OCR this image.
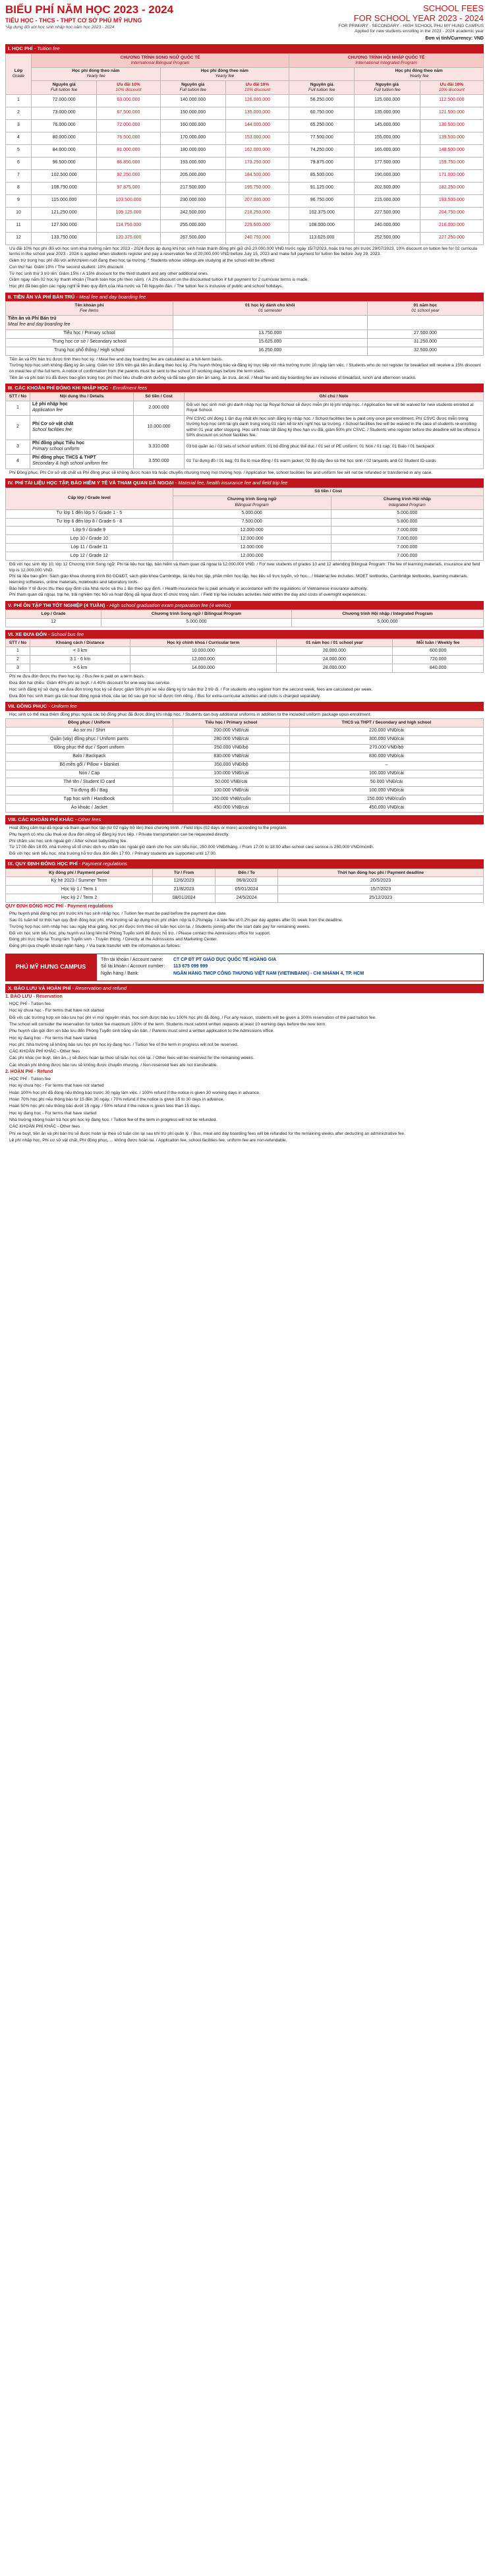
BIỂU PHÍ NĂM HỌC 2023 - 2024
TIỂU HỌC - THCS - THPT CƠ SỞ PHÚ MỸ HƯNG
*Áp dụng đối với học sinh nhập học năm học 2023 - 2024
SCHOOL FEES
FOR SCHOOL YEAR 2023 - 2024
FOR PRIMARY - SECONDARY - HIGH SCHOOL PHU MY HUNG CAMPUS
Applied for new students enrolling in the 2023 - 2024 academic year
Đơn vị tính/Currency: VND
I. HỌC PHÍ - Tuition fee
Lớp
Grade	CHƯƠNG TRÌNH SONG NGỮ QUỐC TẾ
International Bilingual Program				CHƯƠNG TRÌNH HỘI NHẬP QUỐC TẾ
International Integrated Program		
	Học phí đóng theo năm
Yearly fee		Học phí đóng theo năm
Yearly fee			Học phí đóng theo năm
Yearly fee	
	Nguyên giá
Full tuition fee	Ưu đãi 10%
10% discount	Nguyên giá
Full tuition fee	Ưu đãi 10%
10% discount	Nguyên giá
Full tuition fee	Nguyên giá
Full tuition fee	Ưu đãi 10%
10% discount
1	72.000.000	63.000.000	140.000.000	126.000.000	56.250.000	125.000.000	112.500.000
2	73.000.000	67.500.000	150.000.000	135.000.000	60.750.000	135.000.000	121.500.000
3	76.000.000	72.000.000	160.000.000	144.000.000	65.250.000	145.000.000	130.500.000
4	80.000.000	76.500.000	170.000.000	153.000.000	77.500.000	155.000.000	139.500.000
5	84.000.000	81.000.000	180.000.000	162.000.000	74.250.000	165.000.000	148.500.000
6	96.500.000	86.850.000	193.000.000	173.250.000	79.875.000	177.500.000	159.750.000
7	102.500.000	92.250.000	205.000.000	184.500.000	85.500.000	190.000.000	171.000.000
8	108.750.000	97.875.000	217.500.000	195.750.000	91.125.000	202.500.000	182.250.000
9	115.000.000	103.500.000	230.000.000	207.000.000	96.750.000	215.000.000	193.500.000
10	121.250.000	109.125.000	242.500.000	218.250.000	102.375.000	227.500.000	204.750.000
11	127.500.000	114.750.000	255.000.000	229.500.000	108.000.000	240.000.000	216.000.000
12	133.750.000	120.375.000	267.500.000	240.750.000	113.625.000	252.500.000	227.250.000

Ưu đãi 10% học phí đối với học sinh khai trường năm học 2023 - 2024 được áp dụng khi học sinh hoàn thành đóng phí giữ chỗ 20.000.000 VNĐ trước ngày 15/7/2023, hoặc trả học phí trước 29/07/2023. 10% discount on tuition fee for 02 curricula terms in the school year 2023 - 2024 is applied when students register and pay a reservation fee of 20,000,000 VND before July 15, 2023 and make full payment for tuition fee before July 29, 2023.

Giảm trừ trong học phí đối với anh/chị/em ruột đang theo học tại trường. * Students whose siblings are studying at the school will be offered:

Con thứ hai: Giảm 10% / The second student: 10% discount

Từ học sinh thứ 3 trở lên: Giảm 15% / A 15% discount for the third student and any other additional ones.

Giảm ngay năm 02 học kỳ thanh khoản (Thanh toán học phí theo năm). / A 2% discount on the discounted tuition if full payment for 2 curricular terms is made.

Học phí đã bao gồm các ngày nghỉ lễ theo quy định của nhà nước và Tết Nguyên đán. / The tuition fee is inclusive of public and school holidays.

II. TIỀN ĂN VÀ PHÍ BÁN TRÚ - Meal fee and day boarding fee
Tên khoản phí
Fee items	01 học kỳ dành cho khối
01 semester	01 năm học
01 school year
Tiền ăn và Phí Bán trú
Meal fee and day boarding fee		
Tiểu học / Primary school	13.750.000	27.500.000
Trung học cơ sở / Secondary school	15.625.000	31.250.000
Trung học phổ thông / High school	16.250.000	32.500.000

Tiền ăn và Phí bán trú được tính theo học kỳ. / Meal fee and day boarding fee are calculated as a full-term basis.

Trường hợp học sinh không đăng ký ăn sáng: Giảm trừ 15% trên giá tiền ăn đang theo học kỳ. Phụ huynh thông báo và đăng ký trực tiếp với nhà trường trước 10 ngày làm việc. / Students who do not register for breakfast will receive a 15% discount on meal fee of the full term. A notice of confirmation from the parents must be sent to the school 10 working days before the term starts.

Tiền ăn và phí bán trú đã được bao gồm trong học phí theo tiêu chuẩn dinh dưỡng và đã bao gồm tiền ăn sáng, ăn trưa, ăn xế. / Meal fee and day boarding fee are inclusive of breakfast, lunch and afternoon snacks.

III. CÁC KHOẢN PHÍ ĐÓNG KHI NHẬP HỌC - Enrollment fees
STT / No	Nội dung thu / Details	Số tiền / Cost	Ghi chú / Note
1	Lệ phí nhập học
Application fee	2.000.000	Đối với học sinh mới ghi danh nhập học tại Royal School sẽ được miễn phí lệ phí nhập học. / Application fee will be waived for new students enrolled at Royal School.
2	Phí Cơ sở vật chất
School facilities fee	10.000.000	Phí CSVC chỉ đóng 1 lần duy nhất khi học sinh đăng ký nhập học. / School facilities fee is paid only once per enrollment. Phí CSVC được miễn trong trường hợp học sinh tái ghi danh trong vòng 01 năm kể từ khi nghỉ học tại trường. / School facilities fee will be waived in the case of students re-enrolling within 01 year after stopping. Học sinh hoàn tất đăng ký theo hạn ưu đãi, giảm 50% phí CSVC. / Students who register before the deadline will be offered a 50% discount on school facilities fee.
3	Phí đồng phục Tiểu học
Primary school uniform	3.310.000	03 bộ quần áo / 03 sets of school uniform; 01 bộ đồng phục thể dục / 01 set of PE uniform; 01 Nón / 01 cap; 01 Balo / 01 backpack
4	Phí đồng phục THCS & THPT
Secondary & high school uniform fee	3.550.000	01 Túi đựng đồ / 01 bag; 01 Ba lô mùa đông / 01 warm jacket; 02 Bộ dây đeo và thẻ học sinh / 02 lanyards and 02 Student ID cards

Phí Đồng phục, Phí Cơ sở vật chất và Phí đồng phục sẽ không được hoàn trả hoặc chuyển nhượng trong mọi trường hợp. / Application fee, school facilities fee and uniform fee will not be refunded or transferred in any case.

IV. PHÍ TÀI LIỆU HỌC TẬP, BẢO HIỂM Y TẾ VÀ THAM QUAN DÃ NGOẠI - Material fee, health insurance fee and field trip fee
Cấp lớp / Grade level	Số tiền / Cost	
	Chương trình Song ngữ
Bilingual Program	Chương trình Hội nhập
Integrated Program
Tư lớp 1 đến lớp 5 / Grade 1 - 5	5.000.000	5.000.000
Tư lớp 6 đến lớp 8 / Grade 6 - 8	7.500.000	5.800.000
Lớp 9 / Grade 9	12.000.000	7.000.000
Lớp 10 / Grade 10	12.000.000	7.000.000
Lớp 11 / Grade 11	12.000.000	7.000.000
Lớp 12 / Grade 12	12.000.000	7.000.000

Đối với học sinh lớp 10, lớp 12 Chương trình Song ngữ: Phí tài liệu học tập, bảo hiểm và tham quan dã ngoại là 12.000.000 VNĐ. / For new students of grades 10 and 12 attending Bilingual Program: The fee of learning materials, insurance and field trip is 12,000,000 VND.

Phí tài liệu bao gồm: Sách giáo khoa chương trình Bộ GD&ĐT, sách giáo khoa Cambridge, tài liệu học tập, phần mềm học tập, học liệu số trực tuyến, vở học... / Material fee includes: MOET textbooks, Cambridge textbooks, learning materials, learning softwares, online materials, notebooks and laboratory tools.

Bảo hiểm Y tế được thu theo quy định của Nhà nước và thu 1 lần theo quy định. / Health insurance fee is paid annually in accordance with the regulations of Vietnamese insurance authority.

Phí tham quan dã ngoại, trại hè, trải nghiệm học hỏi và hoạt động dã ngoại được tổ chức trong năm. / Field trip fee includes activities held within the day and costs of overnight experiences.

V. PHÍ ÔN TẬP THI TỐT NGHIỆP (4 TUẦN) - High school graduation exam preparation fee (4 weeks)
Lớp / Grade	Chương trình Song ngữ / Bilingual Program	Chương trình Hội nhập / Integrated Program
12	5.000.000	5.000.000
VI. XE ĐƯA ĐÓN - School bus fee
STT / No	Khoảng cách / Distance	Học kỳ chính khoá / Curricular term	01 năm học / 01 school year	Mỗi tuần / Weekly fee
1	< 3 km	10.000.000	20.000.000	600.000
2	3.1 - 6 km	12.000.000	24.000.000	720.000
3	> 6 km	14.000.000	28.000.000	840.000

Phí xe đưa đón được thu theo học kỳ. / Bus fee is paid on a term basis.

Đưa đón hai chiều: Giảm 40% phí xe buýt. / A 40% discount for one-way bus service.

Học sinh đăng ký sử dụng xe đưa đón trong học kỳ sẽ được giảm 50% phí xe nếu đăng ký từ tuần thứ 2 trở đi. / For students who register from the second week, fees are calculated per week.

Đưa đón học sinh tham gia các hoạt động ngoại khoá, câu lạc bộ sau giờ học sẽ được tính riêng. / Bus for extra-curricular activities and clubs is charged separately.

VII. ĐỒNG PHỤC - Uniform fee

Học sinh có thể mua thêm đồng phục ngoài các bộ đồng phục đã được đóng khi nhập học. / Students can buy additional uniforms in addition to the included uniform package upon enrollment.

Đồng phục / Uniform	Tiểu học / Primary school	THCS và THPT / Secondary and high school
Áo sơ mi / Shirt	200.000 VNĐ/cái	220.000 VNĐ/cái
Quần (váy) đồng phục / Uniform pants	280.000 VNĐ/cái	300.000 VNĐ/cái
Đồng phục thể dục / Sport uniform	250.000 VNĐ/bộ	270.000 VNĐ/bộ
Balo / Backpack	830.000 VNĐ/cái	830.000 VNĐ/cái
Bộ mền gối / Pillow + blanket	350.000 VNĐ/bộ	–
Nón / Cap	100.000 VNĐ/cái	100.000 VNĐ/cái
Thẻ tên / Student ID card	50.000 VNĐ/cái	50.000 VNĐ/cái
Túi đựng đồ / Bag	100.000 VNĐ/cái	100.000 VNĐ/cái
Tạp học sinh / Handbook	150.000 VNĐ/cuốn	150.000 VNĐ/cuốn
Áo khoác / Jacket	450.000 VNĐ/cái	450.000 VNĐ/cái
VIII. CÁC KHOẢN PHÍ KHÁC - Other fees

Hoạt động câm trại dã ngoại và tham quan học tập (từ 02 ngày trở lên) theo chương trình. / Field trips (02 days or more) according to the program.

Phụ huynh có nhu cầu thuê xe đưa đón riêng sẽ đăng ký trực tiếp. / Private transportation can be requested directly.

Phí chăm sóc học sinh ngoài giờ / After school babysitting fee.

Từ 17:00 đến 18:00, nhà trường sẽ tổ chức dịch vụ chăm sóc ngoài giờ dành cho học sinh tiểu học, 250.000 VNĐ/tháng. / From 17:00 to 18:00 after-school care service is 250,000 VND/month.

Đối với học sinh tiểu học, nhà trường hỗ trợ đưa đón đến 17:00. / Primary students are supported until 17:00.

IX. QUY ĐỊNH ĐÓNG HỌC PHÍ - Payment regulations
Kỳ đóng phí / Payment period	Từ / From	Đến / To	Thời hạn đóng học phí / Payment deadline
Kỳ hè 2023 / Summer Term	12/6/2023	06/8/2023	20/5/2023
Học kỳ 1 / Term 1	21/8/2023	05/01/2024	15/7/2023
Học kỳ 2 / Term 2	08/01/2024	24/5/2024	25/12/2023
QUY ĐỊNH ĐÓNG HỌC PHÍ - Payment regulations

Phụ huynh phải đóng học phí trước khi học sinh nhập học. / Tuition fee must be paid before the payment due date.

Sau 01 tuần kể từ thời hạn quy định đóng học phí, nhà trường sẽ áp dụng mức phí chậm nộp là 0.2%/ngày. / A late fee of 0.2% per day applies after 01 week from the deadline.

Trường hợp học sinh nhập học sau ngày khai giảng, học phí được tính theo số tuần học còn lại. / Students joining after the start date pay for remaining weeks.

Đối với học sinh tiểu học, phụ huynh vui lòng liên hệ Phòng Tuyển sinh để được hỗ trợ. / Please contact the Admissions office for support.

Đóng phí trực tiếp tại Trung tâm Tuyển sinh - Truyền thông. / Directly at the Admissions and Marketing Center.

Đóng phí qua chuyển khoản ngân hàng. / Via bank transfer with the information as follows:

PHÚ MỸ HƯNG CAMPUS
Tên tài khoản / Account name:	CT CP ĐT PT GIÁO DỤC QUỐC TẾ HOÀNG GIA
Số tài khoản / Account number:	113 675 099 999
Ngân hàng / Bank:	NGÂN HÀNG TMCP CÔNG THƯƠNG VIỆT NAM (VIETINBANK) - CHI NHÁNH 4, TP. HCM
X. BẢO LƯU VÀ HOÀN PHÍ - Reservation and refund
1. BẢO LƯU - Reservation

HỌC PHÍ - Tuition fee

Học kỳ chưa học - For terms that have not started

Đối với các trường hợp xin bảo lưu học phí vì mọi nguyên nhân, học sinh được bảo lưu 100% học phí đã đóng. / For any reason, students will be given a 100% reservation of the paid tuition fee.

The school will consider the reservation for tuition fee maximum 100% of the term. Students must submit written requests at least 10 working days before the new term.

Phụ huynh cần gửi đơn xin bảo lưu đến Phòng Tuyển sinh bằng văn bản. / Parents must send a written application to the Admissions office.

Học kỳ đang học - For terms that have started

Học phí: Nhà trường sẽ không bảo lưu học phí học kỳ đang học. / Tuition fee of the term in progress will not be reserved.

CÁC KHOẢN PHÍ KHÁC - Other fees

Các phí khác (xe buýt, tiền ăn...) sẽ được hoàn lại theo số tuần học còn lại. / Other fees will be reserved for the remaining weeks.

Các khoản phí không được bảo lưu sẽ không được chuyển nhượng. / Non-reserved fees are not transferable.

2. HOÀN PHÍ - Refund

HỌC PHÍ - Tuition fee

Học kỳ chưa học - For terms that have not started

Hoàn 100% học phí đã đóng nếu thông báo trước 30 ngày làm việc. / 100% refund if the notice is given 30 working days in advance.

Hoàn 70% học phí nếu thông báo từ 15 đến 30 ngày. / 70% refund if the notice is given 15 to 30 days in advance.

Hoàn 50% học phí nếu thông báo dưới 15 ngày. / 50% refund if the notice is given less than 15 days.

Học kỳ đang học - For terms that have started

Nhà trường không hoàn trả học phí học kỳ đang học. / Tuition fee of the term in progress will not be refunded.

CÁC KHOẢN PHÍ KHÁC - Other fees

Phí xe buýt, tiền ăn và phí bán trú sẽ được hoàn lại theo số tuần còn lại sau khi trừ phí quản lý. / Bus, meal and day boarding fees will be refunded for the remaining weeks after deducting an administrative fee.

Lệ phí nhập học, Phí cơ sở vật chất, Phí đồng phục, ... không được hoàn lại. / Application fee, school facilities fee, uniform fee are non-refundable.
